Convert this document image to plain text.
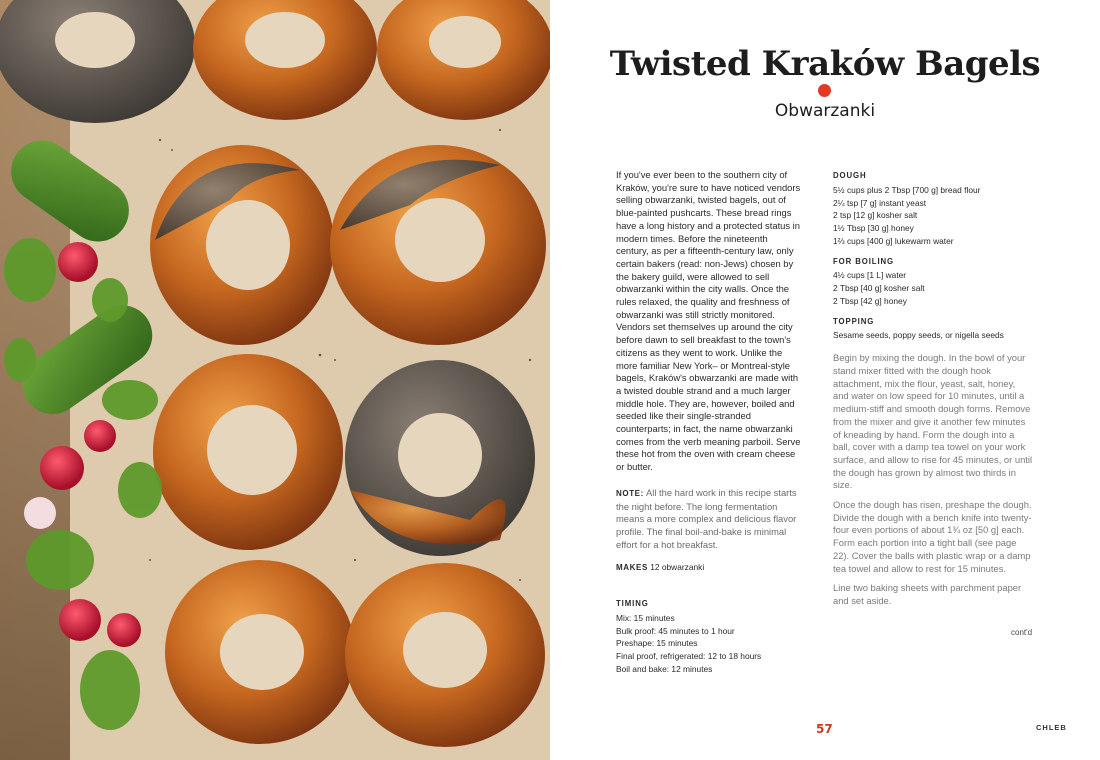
Twisted Kraków Bagels
Obwarzanki

If you've ever been to the southern city of Kraków, you're sure to have noticed vendors selling obwarzanki, twisted bagels, out of blue-painted pushcarts. These bread rings have a long history and a protected status in modern times. Before the nineteenth century, as per a fifteenth-century law, only certain bakers (read: non-Jews) chosen by the bakery guild, were allowed to sell obwarzanki within the city walls. Once the rules relaxed, the quality and freshness of obwarzanki was still strictly monitored. Vendors set themselves up around the city before dawn to sell breakfast to the town's citizens as they went to work. Unlike the more familiar New York– or Montreal-style bagels, Kraków's obwarzanki are made with a twisted double strand and a much larger middle hole. They are, however, boiled and seeded like their single-stranded counterparts; in fact, the name obwarzanki comes from the verb meaning parboil. Serve these hot from the oven with cream cheese or butter.

NOTE: All the hard work in this recipe starts the night before. The long fermentation means a more complex and delicious flavor profile. The final boil-and-bake is minimal effort for a hot breakfast.

MAKES 12 obwarzanki

TIMING

Mix: 15 minutes
Bulk proof: 45 minutes to 1 hour
Preshape: 15 minutes
Final proof, refrigerated: 12 to 18 hours
Boil and bake: 12 minutes

DOUGH

5½ cups plus 2 Tbsp [700 g] bread flour
2¼ tsp [7 g] instant yeast
2 tsp [12 g] kosher salt
1½ Tbsp [30 g] honey
1⅔ cups [400 g] lukewarm water

FOR BOILING

4½ cups [1 L] water
2 Tbsp [40 g] kosher salt
2 Tbsp [42 g] honey

TOPPING

Sesame seeds, poppy seeds, or nigella seeds

Begin by mixing the dough. In the bowl of your stand mixer fitted with the dough hook attachment, mix the flour, yeast, salt, honey, and water on low speed for 10 minutes, until a medium-stiff and smooth dough forms. Remove from the mixer and give it another few minutes of kneading by hand. Form the dough into a ball, cover with a damp tea towel on your work surface, and allow to rise for 45 minutes, or until the dough has grown by almost two thirds in size.

Once the dough has risen, preshape the dough. Divide the dough with a bench knife into twenty-four even portions of about 1¾ oz [50 g] each. Form each portion into a tight ball (see page 22). Cover the balls with plastic wrap or a damp tea towel and allow to rest for 15 minutes.

Line two baking sheets with parchment paper and set aside.

cont'd
57	CHLEB
